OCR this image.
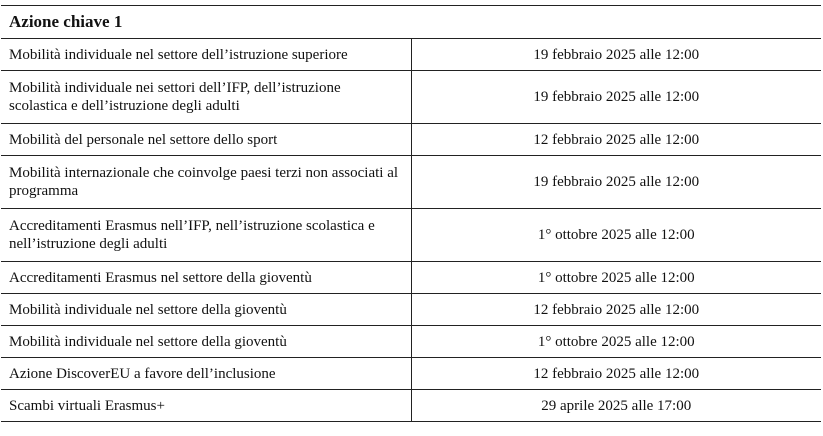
Azione chiave 1	
Mobilità individuale nel settore dell’istruzione superiore	19 febbraio 2025 alle 12:00
Mobilità individuale nei settori dell’IFP, dell’istruzione scolastica e dell’istruzione degli adulti	19 febbraio 2025 alle 12:00
Mobilità del personale nel settore dello sport	12 febbraio 2025 alle 12:00
Mobilità internazionale che coinvolge paesi terzi non associati al programma	19 febbraio 2025 alle 12:00
Accreditamenti Erasmus nell’IFP, nell’istruzione scolastica e nell’istruzione degli adulti	1° ottobre 2025 alle 12:00
Accreditamenti Erasmus nel settore della gioventù	1° ottobre 2025 alle 12:00
Mobilità individuale nel settore della gioventù	12 febbraio 2025 alle 12:00
Mobilità individuale nel settore della gioventù	1° ottobre 2025 alle 12:00
Azione DiscoverEU a favore dell’inclusione	12 febbraio 2025 alle 12:00
Scambi virtuali Erasmus+	29 aprile 2025 alle 17:00
